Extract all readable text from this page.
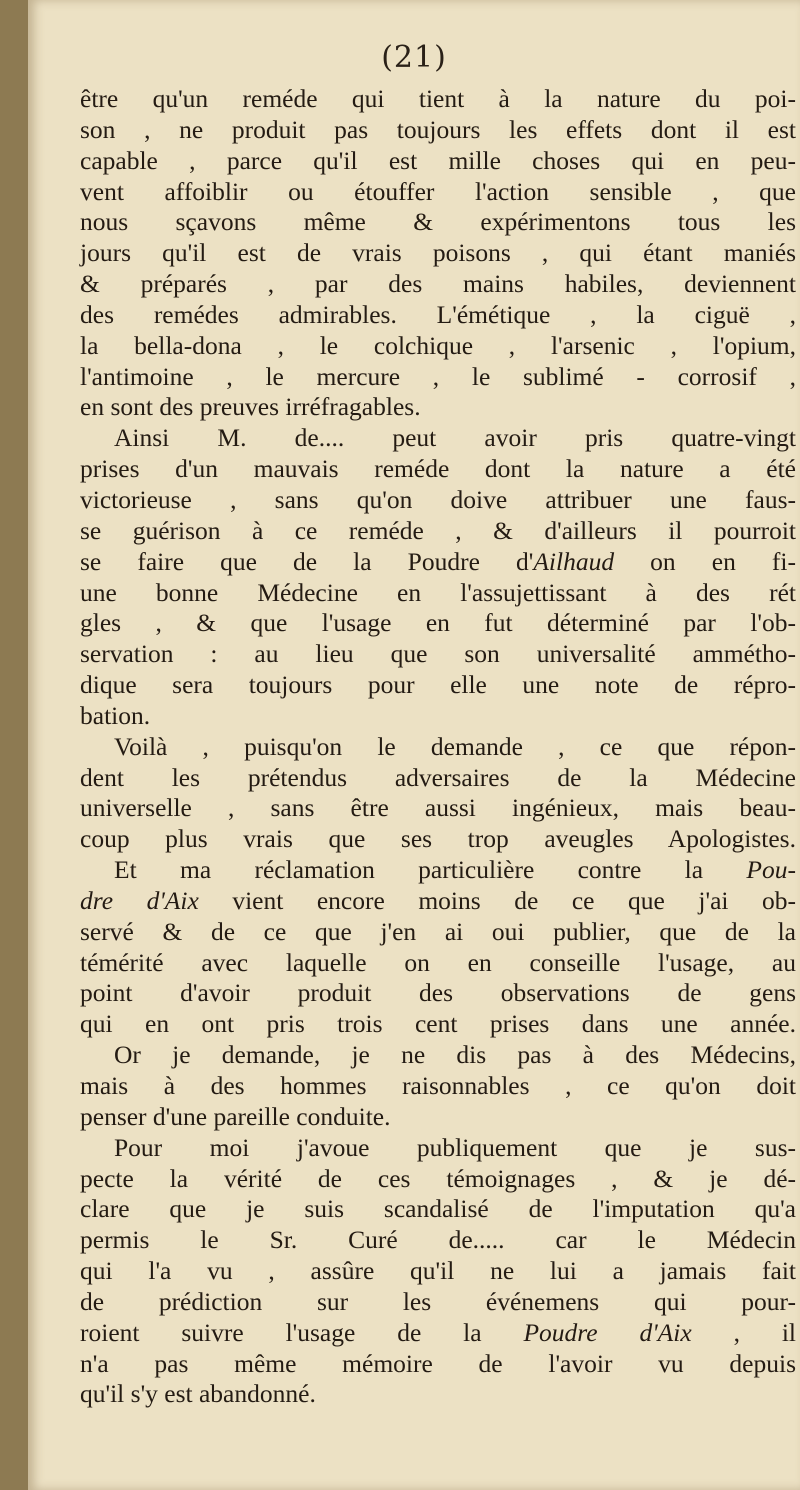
(21)
être qu'un reméde qui tient à la nature du poi-
son , ne produit pas toujours les effets dont il est
capable , parce qu'il est mille choses qui en peu-
vent affoiblir ou étouffer l'action sensible , que
nous sçavons même & expérimentons tous les
jours qu'il est de vrais poisons , qui étant maniés
& préparés , par des mains habiles, deviennent
des remédes admirables. L'émétique , la ciguë ,
la bella-dona , le colchique , l'arsenic , l'opium,
l'antimoine , le mercure , le sublimé - corrosif ,
en sont des preuves irréfragables.
Ainsi M. de.... peut avoir pris quatre-vingt
prises d'un mauvais reméde dont la nature a été
victorieuse , sans qu'on doive attribuer une faus-
se guérison à ce reméde , & d'ailleurs il pourroit
se faire que de la Poudre d'Ailhaud on en fi-
une bonne Médecine en l'assujettissant à des rét
gles , & que l'usage en fut déterminé par l'ob-
servation : au lieu que son universalité ammétho-
dique sera toujours pour elle une note de répro-
bation.
Voilà , puisqu'on le demande , ce que répon-
dent les prétendus adversaires de la Médecine
universelle , sans être aussi ingénieux, mais beau-
coup plus vrais que ses trop aveugles Apologistes.
Et ma réclamation particulière contre la Pou-
dre d'Aix vient encore moins de ce que j'ai ob-
servé & de ce que j'en ai oui publier, que de la
témérité avec laquelle on en conseille l'usage, au
point d'avoir produit des observations de gens
qui en ont pris trois cent prises dans une année.
Or je demande, je ne dis pas à des Médecins,
mais à des hommes raisonnables , ce qu'on doit
penser d'une pareille conduite.
Pour moi j'avoue publiquement que je sus-
pecte la vérité de ces témoignages , & je dé-
clare que je suis scandalisé de l'imputation qu'a
permis le Sr. Curé de..... car le Médecin
qui l'a vu , assûre qu'il ne lui a jamais fait
de prédiction sur les événemens qui pour-
roient suivre l'usage de la Poudre d'Aix , il
n'a pas même mémoire de l'avoir vu depuis
qu'il s'y est abandonné.
